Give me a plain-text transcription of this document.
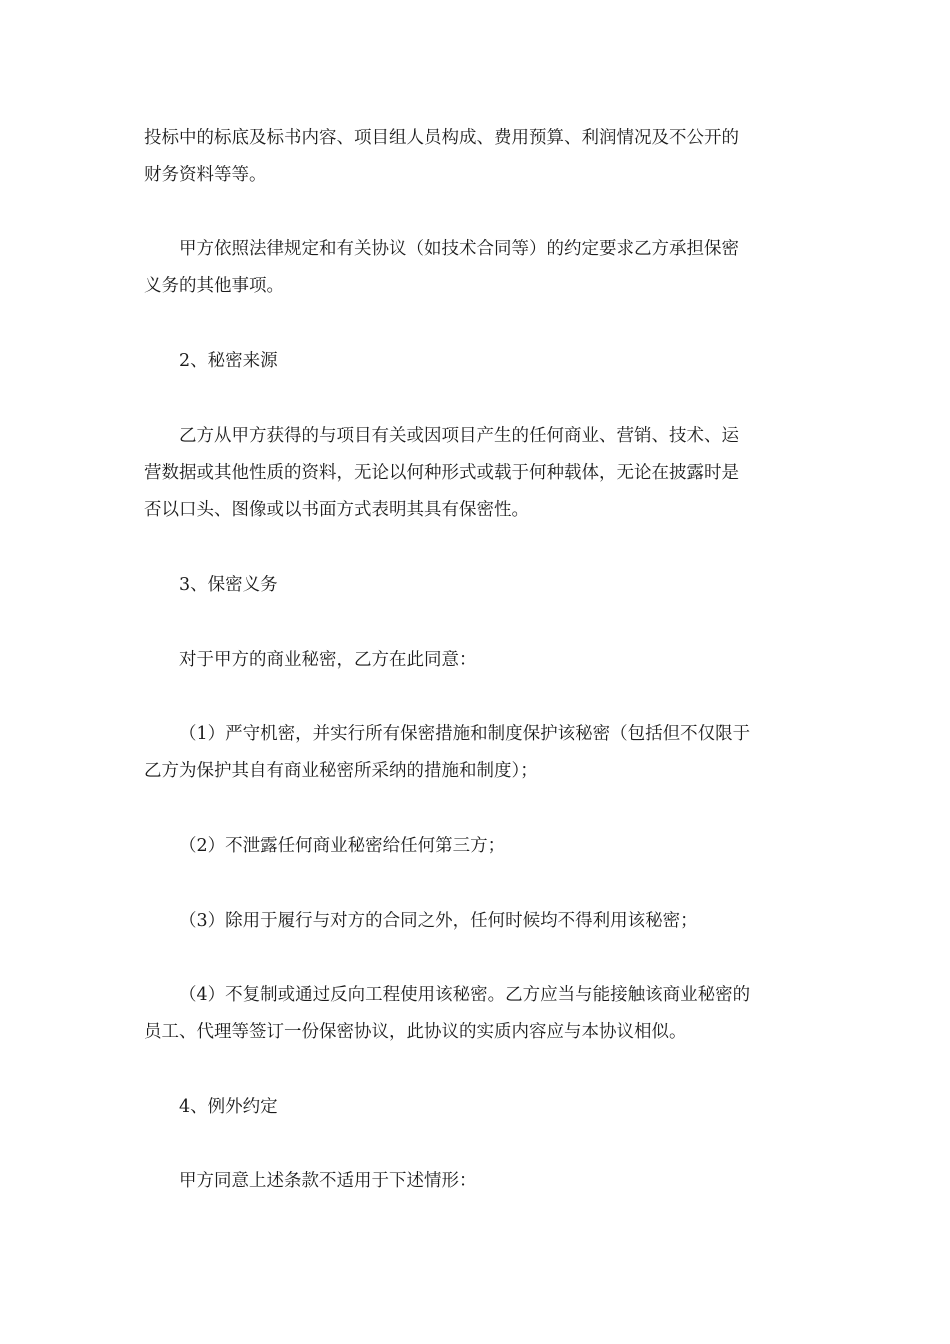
投标中的标底及标书内容、项目组人员构成、费用预算、利润情况及不公开的
财务资料等等。

甲方依照法律规定和有关协议（如技术合同等）的约定要求乙方承担保密
义务的其他事项。

2、秘密来源

乙方从甲方获得的与项目有关或因项目产生的任何商业、营销、技术、运
营数据或其他性质的资料，无论以何种形式或载于何种载体，无论在披露时是
否以口头、图像或以书面方式表明其具有保密性。

3、保密义务

对于甲方的商业秘密，乙方在此同意：

（1）严守机密，并实行所有保密措施和制度保护该秘密（包括但不仅限于
乙方为保护其自有商业秘密所采纳的措施和制度）；

（2）不泄露任何商业秘密给任何第三方；

（3）除用于履行与对方的合同之外，任何时候均不得利用该秘密；

（4）不复制或通过反向工程使用该秘密。乙方应当与能接触该商业秘密的
员工、代理等签订一份保密协议，此协议的实质内容应与本协议相似。

4、例外约定

甲方同意上述条款不适用于下述情形：
